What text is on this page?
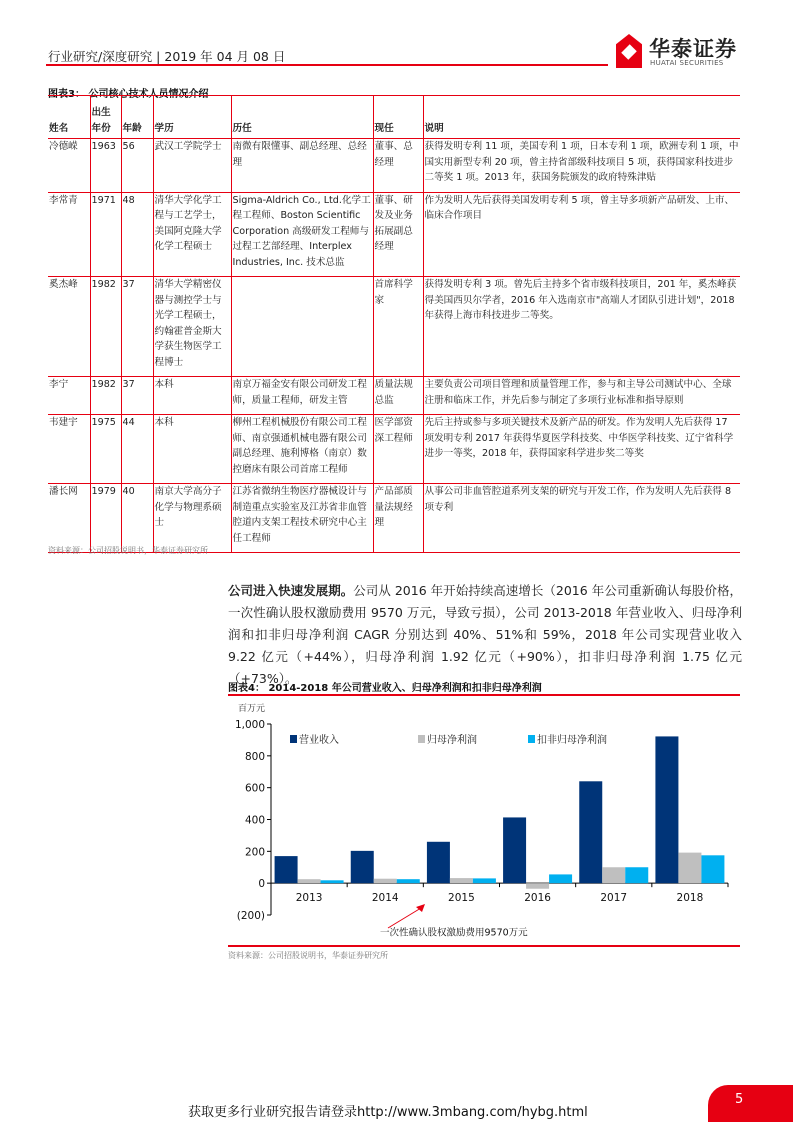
行业研究/深度研究 | 2019 年 04 月 08 日	华泰证券
HUATAI SECURITIES
图表3： 公司核心技术人员情况介绍
姓名	出生年份	年龄	学历	历任	现任	说明
冷德嵘	1963	56	武汉工学院学士	南微有限懂事、副总经理、总经理	董事、总经理	获得发明专利 11 项，美国专利 1 项，日本专利 1 项，欧洲专利 1 项，中国实用新型专利 20 项，曾主持省部级科技项目 5 项，获得国家科技进步二等奖 1 项。2013 年，获国务院颁发的政府特殊津贴
李常青	1971	48	清华大学化学工程与工艺学士，美国阿克隆大学化学工程硕士	Sigma-Aldrich Co., Ltd.化学工程工程师、Boston Scientific Corporation 高级研发工程师与过程工艺部经理、Interplex Industries, Inc. 技术总监	董事、研发及业务拓展副总经理	作为发明人先后获得美国发明专利 5 项，曾主导多项新产品研发、上市、临床合作项目
奚杰峰	1982	37	清华大学精密仪器与测控学士与光学工程硕士，约翰霍普金斯大学获生物医学工程博士		首席科学家	获得发明专利 3 项。曾先后主持多个省市级科技项目，201 年，奚杰峰获得美国西贝尔学者，2016 年入选南京市"高端人才团队引进计划"，2018 年获得上海市科技进步二等奖。
李宁	1982	37	本科	南京万福金安有限公司研发工程师，质量工程师，研发主管	质量法规总监	主要负责公司项目管理和质量管理工作，参与和主导公司测试中心、全球注册和临床工作，并先后参与制定了多项行业标准和指导原则
韦建宇	1975	44	本科	柳州工程机械股份有限公司工程师、南京强通机械电器有限公司副总经理、施利博格（南京）数控磨床有限公司首席工程师	医学部资深工程师	先后主持或参与多项关键技术及新产品的研发。作为发明人先后获得 17 项发明专利 2017 年获得华夏医学科技奖、中华医学科技奖、辽宁省科学进步一等奖，2018 年，获得国家科学进步奖二等奖
潘长网	1979	40	南京大学高分子化学与物理系硕士	江苏省微纳生物医疗器械设计与制造重点实验室及江苏省非血管腔道内支架工程技术研究中心主任工程师	产品部质量法规经理	从事公司非血管腔道系列支架的研究与开发工作，作为发明人先后获得 8 项专利
资料来源：公司招股说明书，华泰证券研究所
公司进入快速发展期。公司从 2016 年开始持续高速增长（2016 年公司重新确认每股价格，一次性确认股权激励费用 9570 万元，导致亏损），公司 2013-2018 年营业收入、归母净利润和扣非归母净利润 CAGR 分别达到 40%、51%和 59%，2018 年公司实现营业收入 9.22 亿元（+44%），归母净利润 1.92 亿元（+90%），扣非归母净利润 1.75 亿元（+73%）。
图表4： 2014-2018 年公司营业收入、归母净利润和扣非归母净利润
百万元
1,000
800
600
400
200
0
(200)
2013	2014	2015	2016	2017	2018
营业收入	归母净利润	扣非归母净利润
一次性确认股权激励费用9570万元
资料来源：公司招股说明书，华泰证券研究所
获取更多行业研究报告请登录http://www.3mbang.com/hybg.html
5
